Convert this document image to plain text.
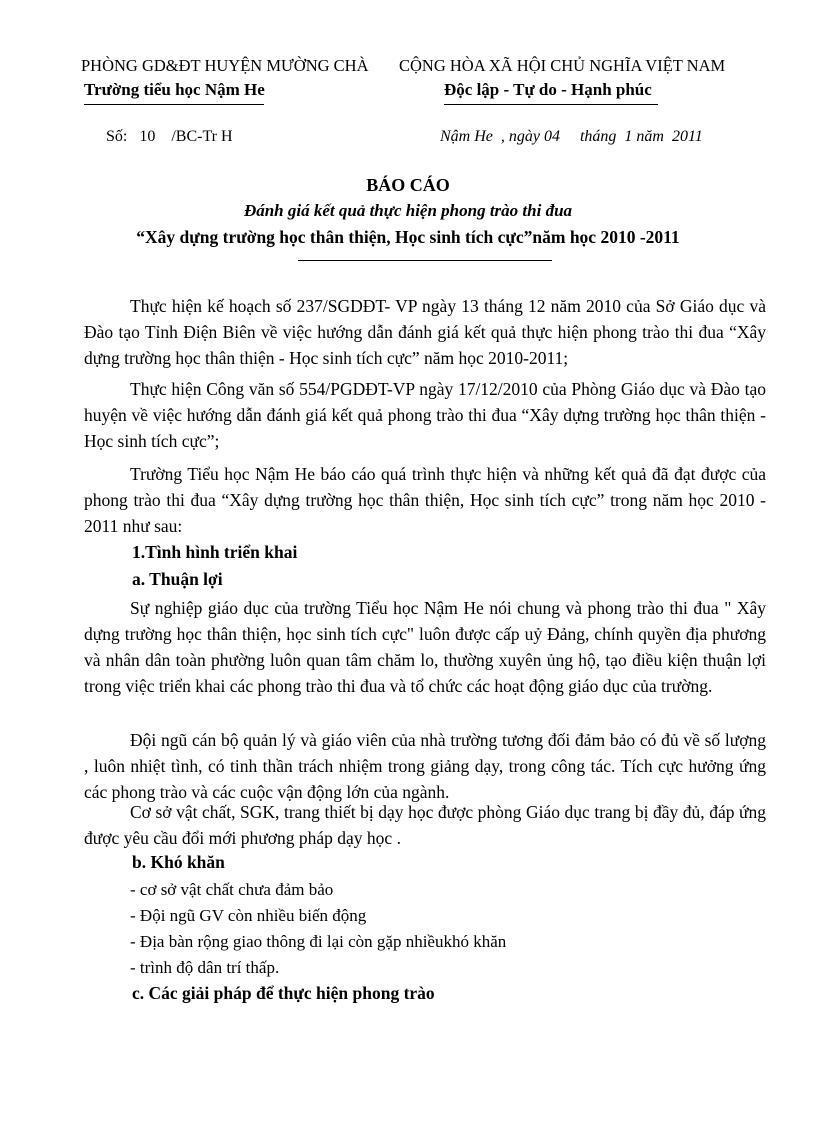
PHÒNG GD&ĐT HUYỆN MƯỜNG CHÀ
Trường tiểu học Nậm He
CỘNG HÒA XÃ HỘI CHỦ NGHĨA VIỆT NAM
Độc lập - Tự do - Hạnh phúc
Số:   10    /BC-Tr H	Nậm He  , ngày 04     tháng  1 năm  2011
BÁO CÁO
Đánh giá kết quả thực hiện phong trào thi đua
“Xây dựng trường học thân thiện, Học sinh tích cực”năm học 2010 -2011
Thực hiện kế hoạch số 237/SGDĐT- VP ngày 13 tháng 12 năm 2010 của Sở Giáo dục và Đào tạo Tỉnh Điện Biên về việc hướng dẫn đánh giá kết quả thực hiện phong trào thi đua “Xây dựng trường học thân thiện - Học sinh tích cực” năm học 2010-2011;
Thực hiện Công văn số 554/PGDĐT-VP ngày 17/12/2010 của Phòng Giáo dục và Đào tạo huyện về việc hướng dẫn đánh giá kết quả phong trào thi đua “Xây dựng trường học thân thiện - Học sinh tích cực”;
Trường Tiểu học Nậm He báo cáo quá trình thực hiện và những kết quả đã đạt được của phong trào thi đua “Xây dựng trường học thân thiện, Học sinh tích cực” trong năm học 2010 - 2011 như sau:
1.Tình hình triển khai
a. Thuận lợi
Sự nghiệp giáo dục của trường Tiểu học Nậm He nói chung và phong trào thi đua " Xây dựng trường học thân thiện, học sinh tích cực" luôn được cấp uỷ Đảng, chính quyền địa phương và nhân dân toàn phường luôn quan tâm chăm lo, thường xuyên ủng hộ, tạo điều kiện thuận lợi trong việc triển khai các phong trào thi đua và tổ chức các hoạt động giáo dục của trường.
Đội ngũ cán bộ quản lý và giáo viên của nhà trường tương đối đảm bảo có đủ về số lượng , luôn nhiệt tình, có tinh thần trách nhiệm trong giảng dạy, trong công tác. Tích cực hưởng ứng các phong trào và các cuộc vận động lớn của ngành.
Cơ sở vật chất, SGK, trang thiết bị dạy học được phòng Giáo dục trang bị đầy đủ, đáp ứng được yêu cầu đổi mới phương pháp dạy học .
b. Khó khăn
- cơ sở vật chất chưa đảm bảo
- Đội ngũ GV còn nhiều biến động
- Địa bàn rộng giao thông đi lại còn gặp nhiềukhó khăn
- trình độ dân trí thấp.
c. Các giải pháp để thực hiện phong trào
